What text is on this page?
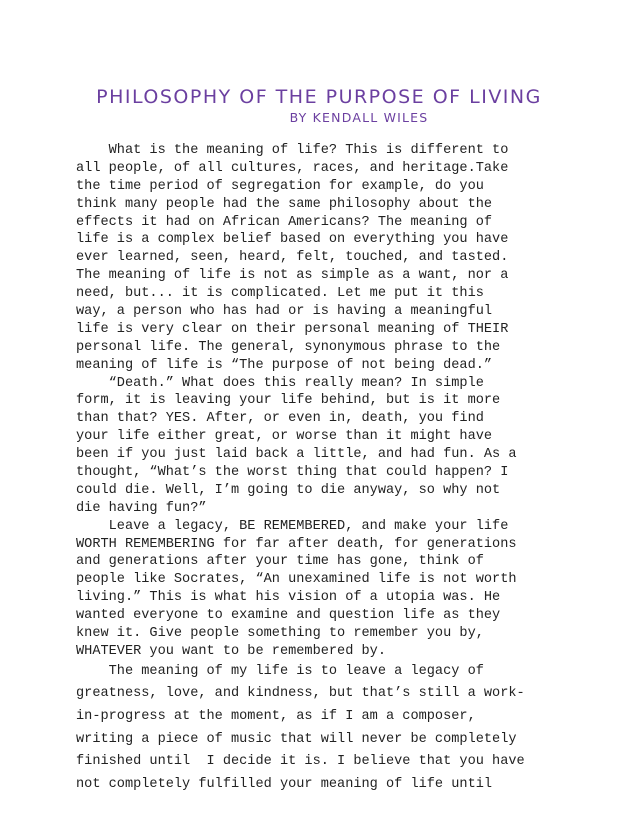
PHILOSOPHY OF THE PURPOSE OF LIVING
BY KENDALL WILES
What is the meaning of life? This is different to
all people, of all cultures, races, and heritage.Take
the time period of segregation for example, do you
think many people had the same philosophy about the
effects it had on African Americans? The meaning of
life is a complex belief based on everything you have
ever learned, seen, heard, felt, touched, and tasted.
The meaning of life is not as simple as a want, nor a
need, but... it is complicated. Let me put it this
way, a person who has had or is having a meaningful
life is very clear on their personal meaning of THEIR
personal life. The general, synonymous phrase to the
meaning of life is “The purpose of not being dead.”
“Death.” What does this really mean? In simple
form, it is leaving your life behind, but is it more
than that? YES. After, or even in, death, you find
your life either great, or worse than it might have
been if you just laid back a little, and had fun. As a
thought, “What’s the worst thing that could happen? I
could die. Well, I’m going to die anyway, so why not
die having fun?”
Leave a legacy, BE REMEMBERED, and make your life
WORTH REMEMBERING for far after death, for generations
and generations after your time has gone, think of
people like Socrates, “An unexamined life is not worth
living.” This is what his vision of a utopia was. He
wanted everyone to examine and question life as they
knew it. Give people something to remember you by,
WHATEVER you want to be remembered by.
The meaning of my life is to leave a legacy of
greatness, love, and kindness, but that’s still a work-
in-progress at the moment, as if I am a composer,
writing a piece of music that will never be completely
finished until  I decide it is. I believe that you have
not completely fulfilled your meaning of life until
